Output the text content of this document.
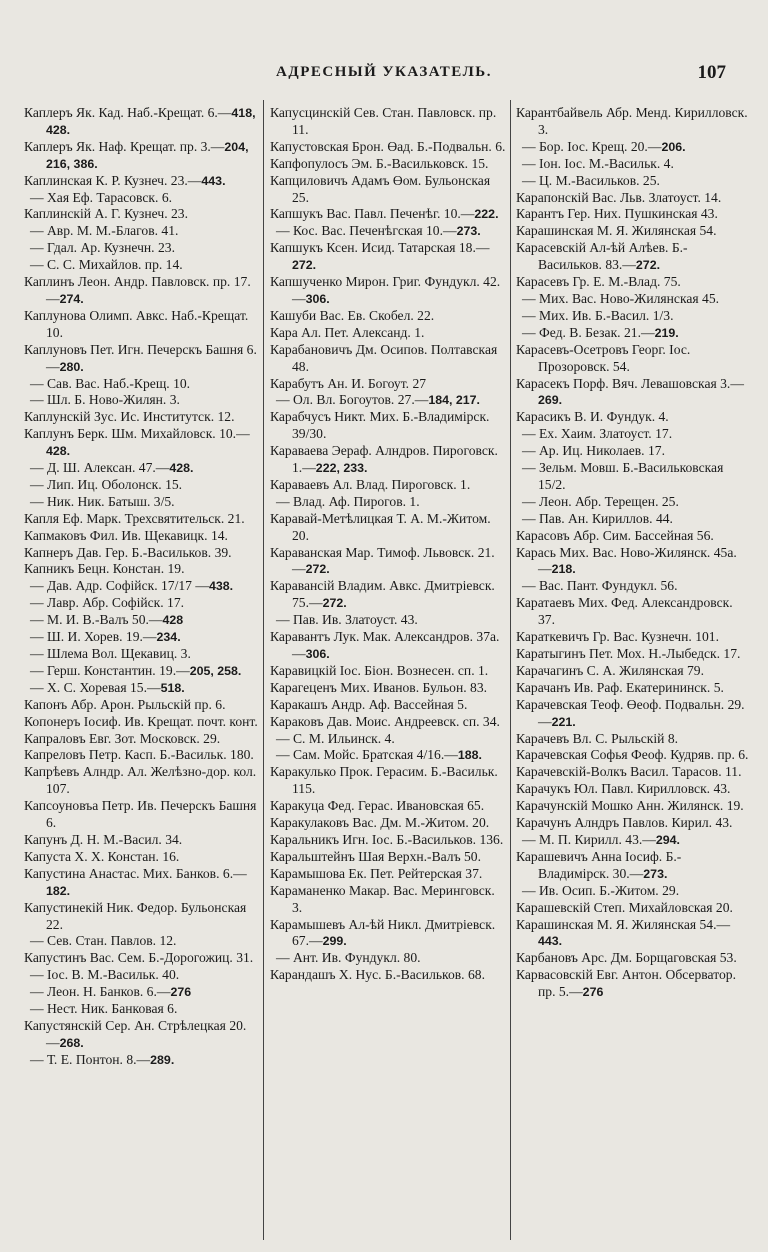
АДРЕСНЫЙ УКАЗАТЕЛЬ.	107
Каплеръ Як. Кад. Наб.-Крещат. 6.—418, 428.
Каплеръ Як. Наф. Крещат. пр. 3.—204, 216, 386.
Каплинская К. Р. Кузнеч. 23.—443.
— Хая Еф. Тарасовск. 6.
Каплинскій А. Г. Кузнеч. 23.
— Авр. М. М.-Благов. 41.
— Гдал. Ар. Кузнечн. 23.
— С. С. Михайлов. пр. 14.
Каплинъ Леон. Андр. Павловск. пр. 17.—274.
Каплунова Олимп. Авкс. Наб.-Крещат. 10.
Каплуновъ Пет. Игн. Печерскъ Башня 6.—280.
— Сав. Вас. Наб.-Крещ. 10.
— Шл. Б. Ново-Жилян. 3.
Каплунскій Зус. Ис. Институтск. 12.
Каплунъ Берк. Шм. Михайловск. 10.—428.
— Д. Ш. Алексан. 47.—428.
— Лип. Иц. Оболонск. 15.
— Ник. Ник. Батыш. 3/5.
Капля Еф. Марк. Трехсвятительск. 21.
Капмаковъ Фил. Ив. Щекавицк. 14.
Капнеръ Дав. Гер. Б.-Васильков. 39.
Капникъ Бецн. Констан. 19.
— Дав. Адр. Софійск. 17/17 —438.
— Лавр. Абр. Софійск. 17.
— М. И. В.-Валъ 50.—428
— Ш. И. Хорев. 19.—234.
— Шлема Вол. Щекавиц. 3.
— Герш. Константин. 19.—205, 258.
— Х. С. Хоревая 15.—518.
Капонъ Абр. Арон. Рыльскій пр. 6.
Копонеръ Іосиф. Ив. Крещат. почт. конт.
Капраловъ Евг. Зот. Московск. 29.
Капреловъ Петр. Касп. Б.-Васильк. 180.
Капрѣевъ Алндр. Ал. Желѣзно-дор. кол. 107.
Капсоуновъа Петр. Ив. Печерскъ Башня 6.
Капунъ Д. Н. М.-Васил. 34.
Капуста Х. Х. Констан. 16.
Капустина Анастас. Мих. Банков. 6.—182.
Капустинекій Ник. Федор. Бульонская 22.
— Сев. Стан. Павлов. 12.
Капустинъ Вас. Сем. Б.-Дорогожиц. 31.
— Іос. В. М.-Васильк. 40.
— Леон. Н. Банков. 6.—276
— Нест. Ник. Банковая 6.
Капустянскій Сер. Ан. Стрѣлецкая 20.—268.
— Т. Е. Понтон. 8.—289.
Капусцинскій Сев. Стан. Павловск. пр. 11.
Капустовская Брон. Өад. Б.-Подвальн. 6.
Капфопулосъ Эм. Б.-Васильковск. 15.
Капциловичъ Адамъ Өом. Бульонская 25.
Капшукъ Вас. Павл. Печенѣг. 10.—222.
— Кос. Вас. Печенѣгская 10.—273.
Капшукъ Ксен. Исид. Татарская 18.—272.
Капшученко Мирон. Григ. Фундукл. 42.—306.
Кашуби Вас. Ев. Скобел. 22.
Кара Ал. Пет. Александ. 1.
Карабановичъ Дм. Осипов. Полтавская 48.
Карабутъ Ан. И. Богоут. 27
— Ол. Вл. Богоутов. 27.—184, 217.
Карабчусъ Никт. Мих. Б.-Владимірск. 39/30.
Караваева Эераф. Алндров. Пироговск. 1.—222, 233.
Караваевъ Ал. Влад. Пироговск. 1.
— Влад. Аф. Пирогов. 1.
Каравай-Метѣлицкая Т. А. М.-Житом. 20.
Караванская Мар. Тимоф. Львовск. 21.—272.
Каравансій Владим. Авкс. Дмитріевск. 75.—272.
— Пав. Ив. Златоуст. 43.
Каравантъ Лук. Мак. Александров. 37а.—306.
Каравицкій Іос. Біон. Вознесен. сп. 1.
Карагеценъ Мих. Иванов. Бульон. 83.
Каракашъ Андр. Аф. Вассейная 5.
Караковъ Дав. Моис. Андреевск. сп. 34.
— С. М. Ильинск. 4.
— Сам. Мойс. Братская 4/16.—188.
Каракулько Прок. Герасим. Б.-Васильк. 115.
Каракуца Фед. Герас. Ивановская 65.
Каракулаковъ Вас. Дм. М.-Житом. 20.
Каральникъ Игн. Іос. Б.-Васильков. 136.
Каральштейнъ Шая Верхн.-Валъ 50.
Карамышова Ек. Пет. Рейтерская 37.
Караманенко Макар. Вас. Меринговск. 3.
Карамышевъ Ал-ѣй Никл. Дмитріевск. 67.—299.
— Ант. Ив. Фундукл. 80.
Карандашъ Х. Нус. Б.-Васильков. 68.
Карантбайвель Абр. Менд. Кирилловск. 3.
— Бор. Іос. Крещ. 20.—206.
— Іон. Іос. М.-Васильк. 4.
— Ц. М.-Васильков. 25.
Карапонскій Вас. Льв. Златоуст. 14.
Карантъ Гер. Них. Пушкинская 43.
Карашинская М. Я. Жилянская 54.
Карасевскій Ал-ѣй Алѣев. Б.-Васильков. 83.—272.
Карасевъ Гр. Е. М.-Влад. 75.
— Мих. Вас. Ново-Жилянская 45.
— Мих. Ив. Б.-Васил. 1/3.
— Фед. В. Безак. 21.—219.
Карасевъ-Осетровъ Георг. Іос. Прозоровск. 54.
Карасекъ Порф. Вяч. Левашовская 3.—269.
Карасикъ В. И. Фундук. 4.
— Ех. Хаим. Златоуст. 17.
— Ар. Иц. Николаев. 17.
— Зельм. Мовш. Б.-Васильковская 15/2.
— Леон. Абр. Терещен. 25.
— Пав. Ан. Кириллов. 44.
Карасовъ Абр. Сим. Бассейная 56.
Карась Мих. Вас. Ново-Жилянск. 45а.—218.
— Вас. Пант. Фундукл. 56.
Каратаевъ Мих. Фед. Александровск. 37.
Караткевичъ Гр. Вас. Кузнечн. 101.
Каратыгинъ Пет. Мох. Н.-Лыбедск. 17.
Карачагинъ С. А. Жилянская 79.
Карачанъ Ив. Раф. Екатерининск. 5.
Карачевская Теоф. Өеоф. Подвальн. 29.—221.
Карачевъ Вл. С. Рыльскій 8.
Карачевская Софья Феоф. Кудряв. пр. 6.
Карачевскій-Волкъ Васил. Тарасов. 11.
Карачукъ Юл. Павл. Кирилловск. 43.
Карачунскій Мошко Анн. Жилянск. 19.
Карачунъ Алндръ Павлов. Кирил. 43.
— М. П. Кирилл. 43.—294.
Карашевичъ Анна Іосиф. Б.-Владимірск. 30.—273.
— Ив. Осип. Б.-Житом. 29.
Карашевскій Степ. Михайловская 20.
Карашинская М. Я. Жилянская 54.—443.
Карбановъ Арс. Дм. Борщаговская 53.
Карвасовскій Евг. Антон. Обсерватор. пр. 5.—276
